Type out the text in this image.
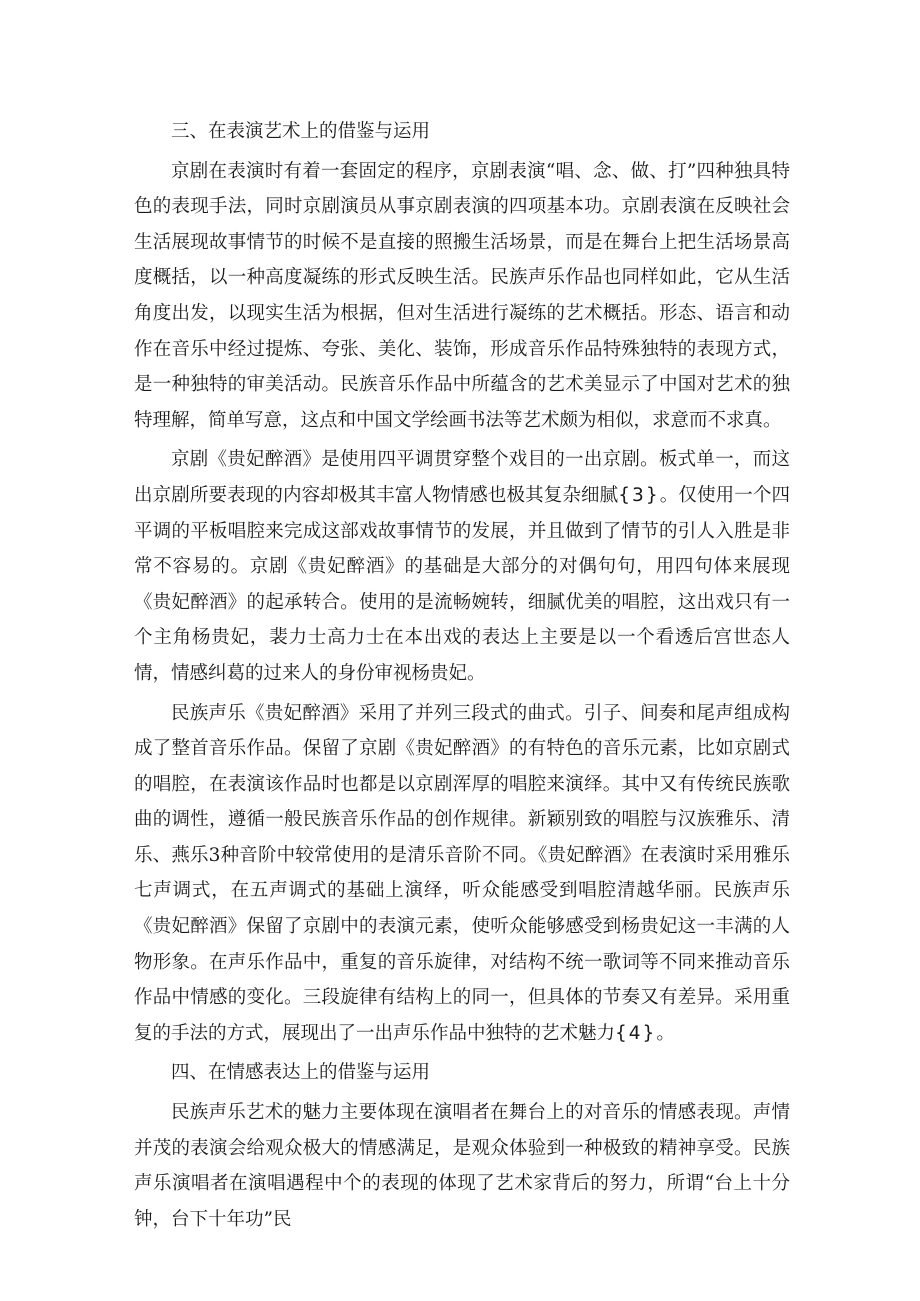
三、在表演艺术上的借鉴与运用

京剧在表演时有着一套固定的程序，京剧表演“唱、念、做、打”四种独具特色的表现手法，同时京剧演员从事京剧表演的四项基本功。京剧表演在反映社会生活展现故事情节的时候不是直接的照搬生活场景，而是在舞台上把生活场景高度概括，以一种高度凝练的形式反映生活。民族声乐作品也同样如此，它从生活角度出发，以现实生活为根据，但对生活进行凝练的艺术概括。形态、语言和动作在音乐中经过提炼、夸张、美化、装饰，形成音乐作品特殊独特的表现方式，是一种独特的审美活动。民族音乐作品中所蕴含的艺术美显示了中国对艺术的独特理解，简单写意，这点和中国文学绘画书法等艺术颇为相似，求意而不求真。

京剧《贵妃醉酒》是使用四平调贯穿整个戏目的一出京剧。板式单一，而这出京剧所要表现的内容却极其丰富人物情感也极其复杂细腻{3}。仅使用一个四平调的平板唱腔来完成这部戏故事情节的发展，并且做到了情节的引人入胜是非常不容易的。京剧《贵妃醉酒》的基础是大部分的对偶句句，用四句体来展现《贵妃醉酒》的起承转合。使用的是流畅婉转，细腻优美的唱腔，这出戏只有一个主角杨贵妃，裴力士高力士在本出戏的表达上主要是以一个看透后宫世态人情，情感纠葛的过来人的身份审视杨贵妃。

民族声乐《贵妃醉酒》采用了并列三段式的曲式。引子、间奏和尾声组成构成了整首音乐作品。保留了京剧《贵妃醉酒》的有特色的音乐元素，比如京剧式的唱腔，在表演该作品时也都是以京剧浑厚的唱腔来演绎。其中又有传统民族歌曲的调性，遵循一般民族音乐作品的创作规律。新颖别致的唱腔与汉族雅乐、清乐、燕乐3种音阶中较常使用的是清乐音阶不同。《贵妃醉酒》在表演时采用雅乐七声调式，在五声调式的基础上演绎，听众能感受到唱腔清越华丽。民族声乐《贵妃醉酒》保留了京剧中的表演元素，使听众能够感受到杨贵妃这一丰满的人物形象。在声乐作品中，重复的音乐旋律，对结构不统一歌词等不同来推动音乐作品中情感的变化。三段旋律有结构上的同一，但具体的节奏又有差异。采用重复的手法的方式，展现出了一出声乐作品中独特的艺术魅力{4}。

四、在情感表达上的借鉴与运用

民族声乐艺术的魅力主要体现在演唱者在舞台上的对音乐的情感表现。声情并茂的表演会给观众极大的情感满足，是观众体验到一种极致的精神享受。民族声乐演唱者在演唱遇程中个的表现的体现了艺术家背后的努力，所谓“台上十分钟，台下十年功”民
